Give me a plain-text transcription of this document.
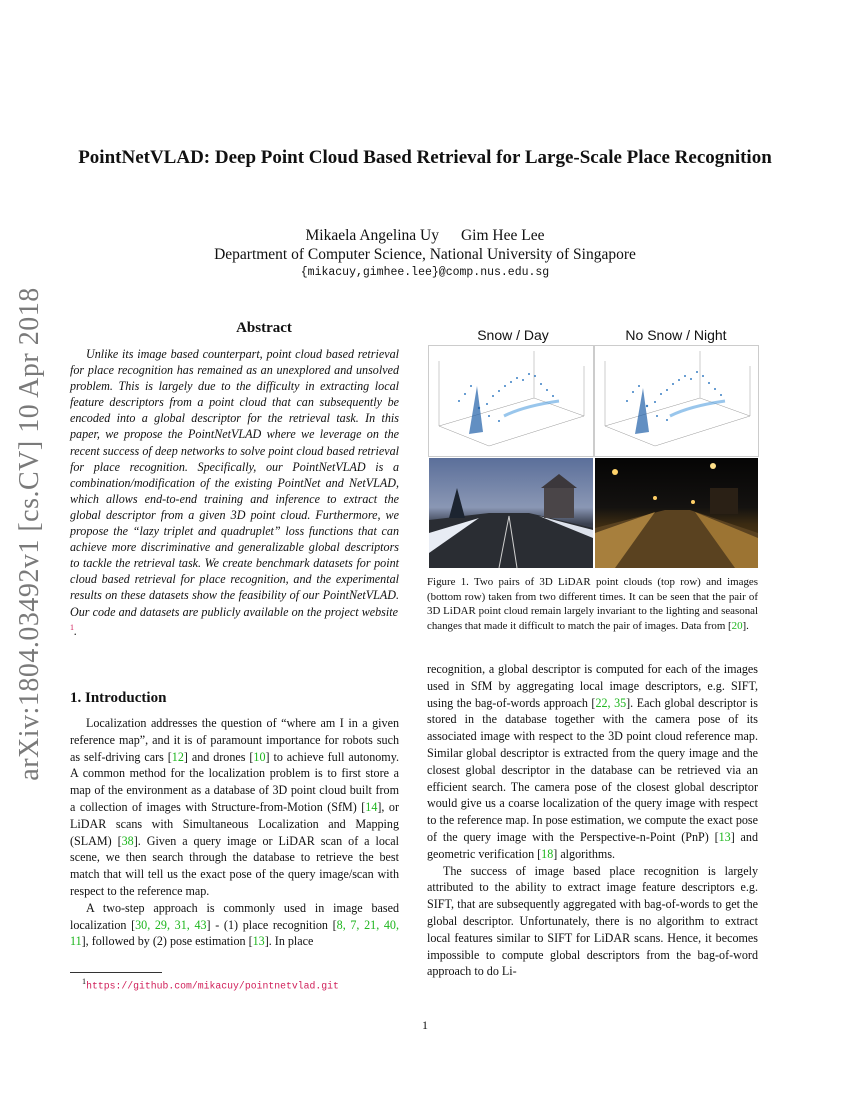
arXiv:1804.03492v1 [cs.CV] 10 Apr 2018
PointNetVLAD: Deep Point Cloud Based Retrieval for Large-Scale Place Recognition
Mikaela Angelina Uy Gim Hee Lee
Department of Computer Science, National University of Singapore
{mikacuy,gimhee.lee}@comp.nus.edu.sg
Abstract
Unlike its image based counterpart, point cloud based retrieval for place recognition has remained as an unexplored and unsolved problem. This is largely due to the difficulty in extracting local feature descriptors from a point cloud that can subsequently be encoded into a global descriptor for the retrieval task. In this paper, we propose the PointNetVLAD where we leverage on the recent success of deep networks to solve point cloud based retrieval for place recognition. Specifically, our PointNetVLAD is a combination/modification of the existing PointNet and NetVLAD, which allows end-to-end training and inference to extract the global descriptor from a given 3D point cloud. Furthermore, we propose the “lazy triplet and quadruplet” loss functions that can achieve more discriminative and generalizable global descriptors to tackle the retrieval task. We create benchmark datasets for point cloud based retrieval for place recognition, and the experimental results on these datasets show the feasibility of our PointNetVLAD. Our code and datasets are publicly available on the project website $^1$.
1. Introduction

Localization addresses the question of “where am I in a given reference map”, and it is of paramount importance for robots such as self-driving cars [12] and drones [10] to achieve full autonomy. A common method for the localization problem is to first store a map of the environment as a database of 3D point cloud built from a collection of images with Structure-from-Motion (SfM) [14], or LiDAR scans with Simultaneous Localization and Mapping (SLAM) [38]. Given a query image or LiDAR scan of a local scene, we then search through the database to retrieve the best match that will tell us the exact pose of the query image/scan with respect to the reference map.

A two-step approach is commonly used in image based localization [30, 29, 31, 43] - (1) place recognition [8, 7, 21, 40, 11], followed by (2) pose estimation [13]. In place

$^1$https://github.com/mikacuy/pointnetvlad.git
Snow / Day	No Snow / Night
Figure 1. Two pairs of 3D LiDAR point clouds (top row) and images (bottom row) taken from two different times. It can be seen that the pair of 3D LiDAR point cloud remain largely invariant to the lighting and seasonal changes that made it difficult to match the pair of images. Data from [20].

recognition, a global descriptor is computed for each of the images used in SfM by aggregating local image descriptors, e.g. SIFT, using the bag-of-words approach [22, 35]. Each global descriptor is stored in the database together with the camera pose of its associated image with respect to the 3D point cloud reference map. Similar global descriptor is extracted from the query image and the closest global descriptor in the database can be retrieved via an efficient search. The camera pose of the closest global descriptor would give us a coarse localization of the query image with respect to the reference map. In pose estimation, we compute the exact pose of the query image with the Perspective-n-Point (PnP) [13] and geometric verification [18] algorithms.

The success of image based place recognition is largely attributed to the ability to extract image feature descriptors e.g. SIFT, that are subsequently aggregated with bag-of-words to get the global descriptor. Unfortunately, there is no algorithm to extract local features similar to SIFT for LiDAR scans. Hence, it becomes impossible to compute global descriptors from the bag-of-word approach to do Li-

1
